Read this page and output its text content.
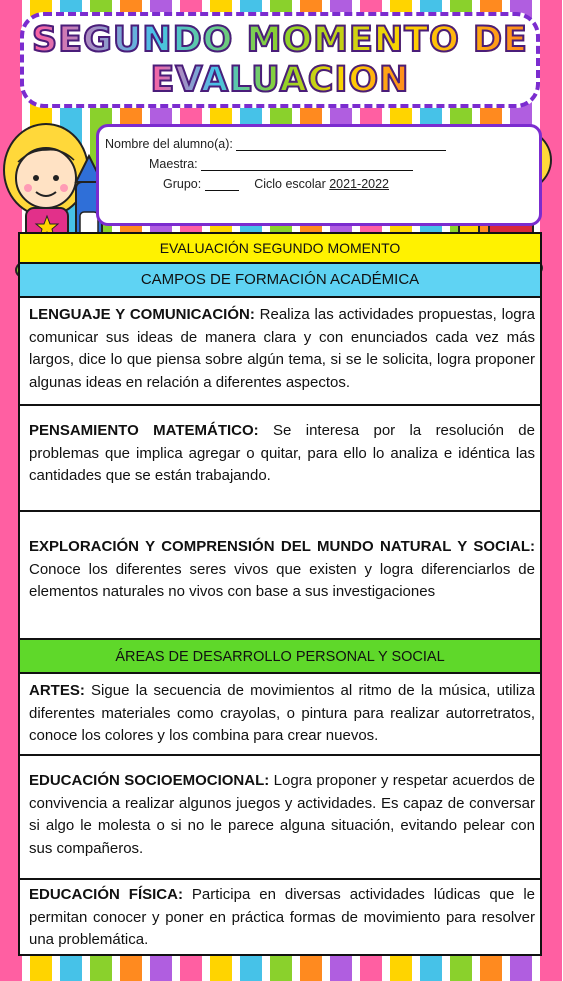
SEGUNDO MOMENTO DE
EVALUACION
Nombre del alumno(a):
Maestra:
Grupo:	Ciclo escolar 2021-2022
EVALUACIÓN SEGUNDO MOMENTO
CAMPOS DE FORMACIÓN ACADÉMICA
LENGUAJE Y COMUNICACIÓN: Realiza las actividades propuestas, logra comunicar sus ideas de manera clara y con enunciados cada vez más largos, dice lo que piensa sobre algún tema, si se le solicita, logra proponer algunas ideas en relación a diferentes aspectos.
PENSAMIENTO MATEMÁTICO: Se interesa por la resolución de problemas que implica agregar o quitar, para ello lo analiza e idéntica las cantidades que se están trabajando.
EXPLORACIÓN Y COMPRENSIÓN DEL MUNDO NATURAL Y SOCIAL: Conoce los diferentes seres vivos que existen y logra diferenciarlos de elementos naturales no vivos con base a sus investigaciones
ÁREAS DE DESARROLLO PERSONAL Y SOCIAL
ARTES: Sigue la secuencia de movimientos al ritmo de la música, utiliza diferentes materiales como crayolas, o pintura para realizar autorretratos, conoce los colores y los combina para crear nuevos.
EDUCACIÓN SOCIOEMOCIONAL: Logra proponer y respetar acuerdos de convivencia a realizar algunos juegos y actividades. Es capaz de conversar si algo le molesta o si no le parece alguna situación, evitando pelear con sus compañeros.
EDUCACIÓN FÍSICA: Participa en diversas actividades lúdicas que le permitan conocer y poner en práctica formas de movimiento para resolver una problemática.
